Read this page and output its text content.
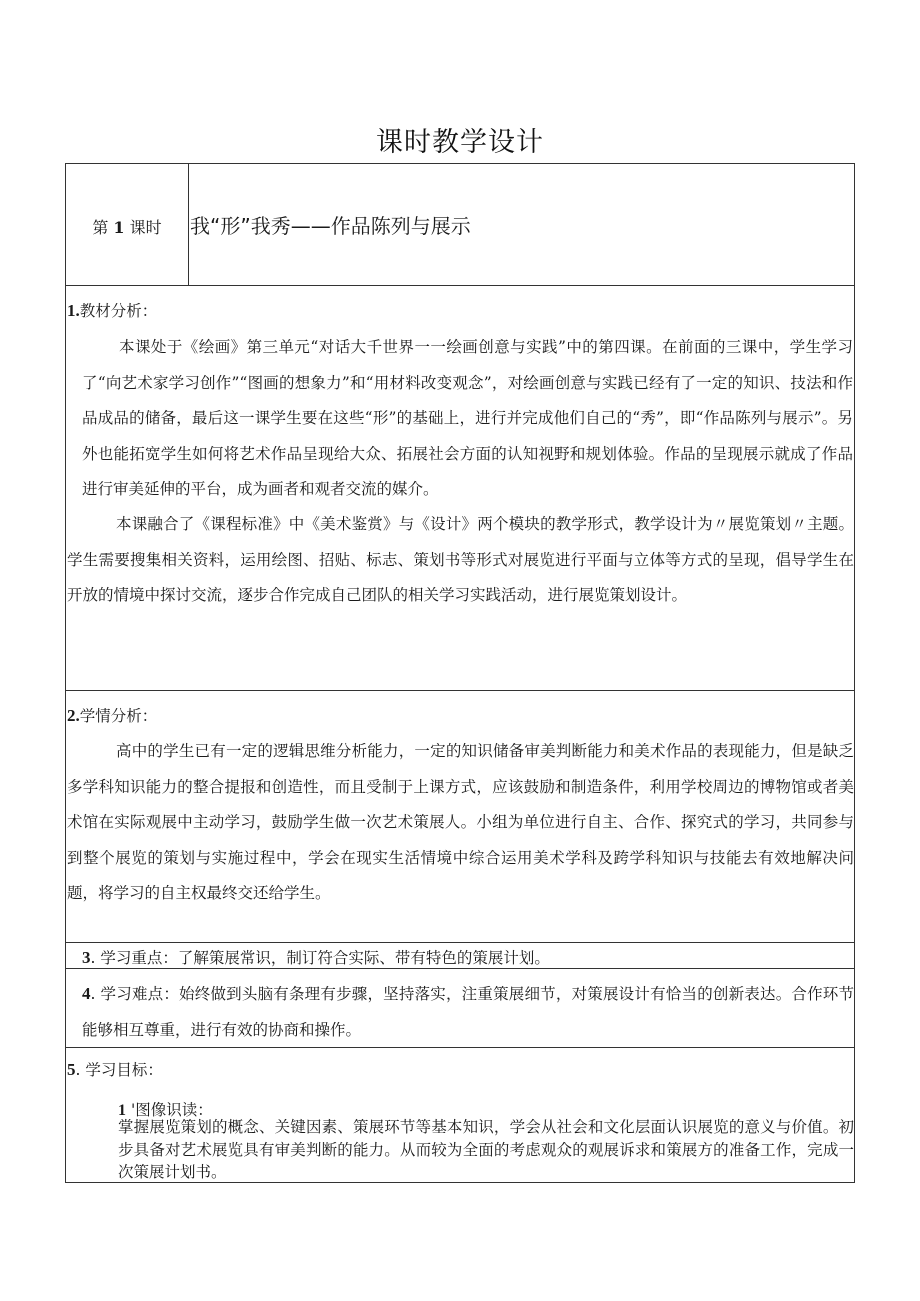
课时教学设计
第 1 课时	我“形”我秀——作品陈列与展示
1.教材分析：

本课处于《绘画》第三单元“对话大千世界一一绘画创意与实践”中的第四课。在前面的三课中，学生学习了“向艺术家学习创作”“图画的想象力”和“用材料改变观念”，对绘画创意与实践已经有了一定的知识、技法和作品成品的储备，最后这一课学生要在这些“形”的基础上，进行并完成他们自己的“秀”，即“作品陈列与展示”。另外也能拓宽学生如何将艺术作品呈现给大众、拓展社会方面的认知视野和规划体验。作品的呈现展示就成了作品进行审美延伸的平台，成为画者和观者交流的媒介。

本课融合了《课程标准》中《美术鉴赏》与《设计》两个模块的教学形式，教学设计为〃展览策划〃主题。学生需要搜集相关资料，运用绘图、招贴、标志、策划书等形式对展览进行平面与立体等方式的呈现，倡导学生在开放的情境中探讨交流，逐步合作完成自己团队的相关学习实践活动，进行展览策划设计。

2.学情分析：

高中的学生已有一定的逻辑思维分析能力，一定的知识储备审美判断能力和美术作品的表现能力，但是缺乏多学科知识能力的整合提报和创造性，而且受制于上课方式，应该鼓励和制造条件，利用学校周边的博物馆或者美术馆在实际观展中主动学习，鼓励学生做一次艺术策展人。小组为单位进行自主、合作、探究式的学习，共同参与到整个展览的策划与实施过程中，学会在现实生活情境中综合运用美术学科及跨学科知识与技能去有效地解决问题，将学习的自主权最终交还给学生。

3. 学习重点：了解策展常识，制订符合实际、带有特色的策展计划。

4. 学习难点：始终做到头脑有条理有步骤，坚持落实，注重策展细节，对策展设计有恰当的创新表达。合作环节能够相互尊重，进行有效的协商和操作。

5. 学习目标：
1 '图像识读：
掌握展览策划的概念、关键因素、策展环节等基本知识，学会从社会和文化层面认识展览的意义与价值。初步具备对艺术展览具有审美判断的能力。从而较为全面的考虑观众的观展诉求和策展方的准备工作，完成一次策展计划书。
